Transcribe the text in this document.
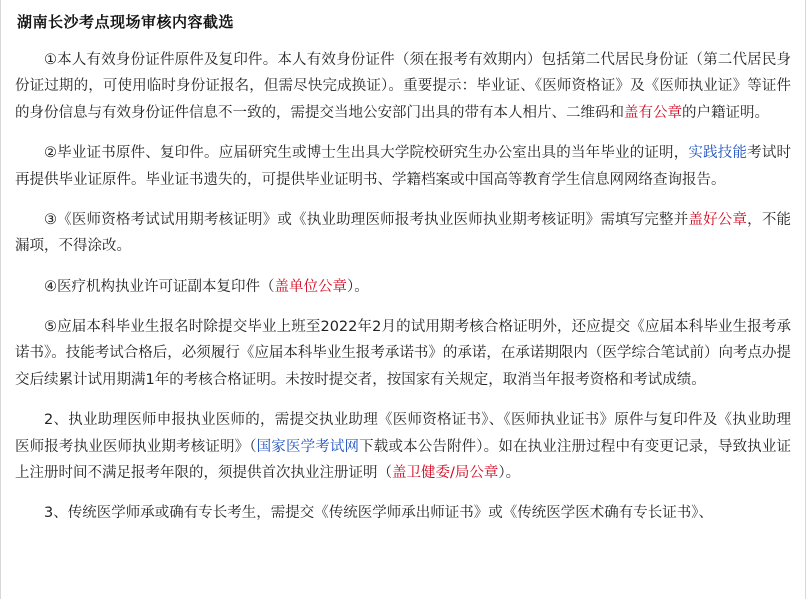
湖南长沙考点现场审核内容截选

①本人有效身份证件原件及复印件。本人有效身份证件（须在报考有效期内）包括第二代居民身份证（第二代居民身份证过期的，可使用临时身份证报名，但需尽快完成换证）。重要提示：毕业证、《医师资格证》及《医师执业证》等证件的身份信息与有效身份证件信息不一致的，需提交当地公安部门出具的带有本人相片、二维码和盖有公章的户籍证明。

②毕业证书原件、复印件。应届研究生或博士生出具大学院校研究生办公室出具的当年毕业的证明，实践技能考试时再提供毕业证原件。毕业证书遗失的，可提供毕业证明书、学籍档案或中国高等教育学生信息网网络查询报告。

③《医师资格考试试用期考核证明》或《执业助理医师报考执业医师执业期考核证明》需填写完整并盖好公章，不能漏项，不得涂改。

④医疗机构执业许可证副本复印件（盖单位公章）。

⑤应届本科毕业生报名时除提交毕业上班至2022年2月的试用期考核合格证明外，还应提交《应届本科毕业生报考承诺书》。技能考试合格后，必须履行《应届本科毕业生报考承诺书》的承诺，在承诺期限内（医学综合笔试前）向考点办提交后续累计试用期满1年的考核合格证明。未按时提交者，按国家有关规定，取消当年报考资格和考试成绩。

2、执业助理医师申报执业医师的，需提交执业助理《医师资格证书》、《医师执业证书》原件与复印件及《执业助理医师报考执业医师执业期考核证明》（国家医学考试网下载或本公告附件）。如在执业注册过程中有变更记录，导致执业证上注册时间不满足报考年限的，须提供首次执业注册证明（盖卫健委/局公章）。

3、传统医学师承或确有专长考生，需提交《传统医学师承出师证书》或《传统医学医术确有专长证书》、
